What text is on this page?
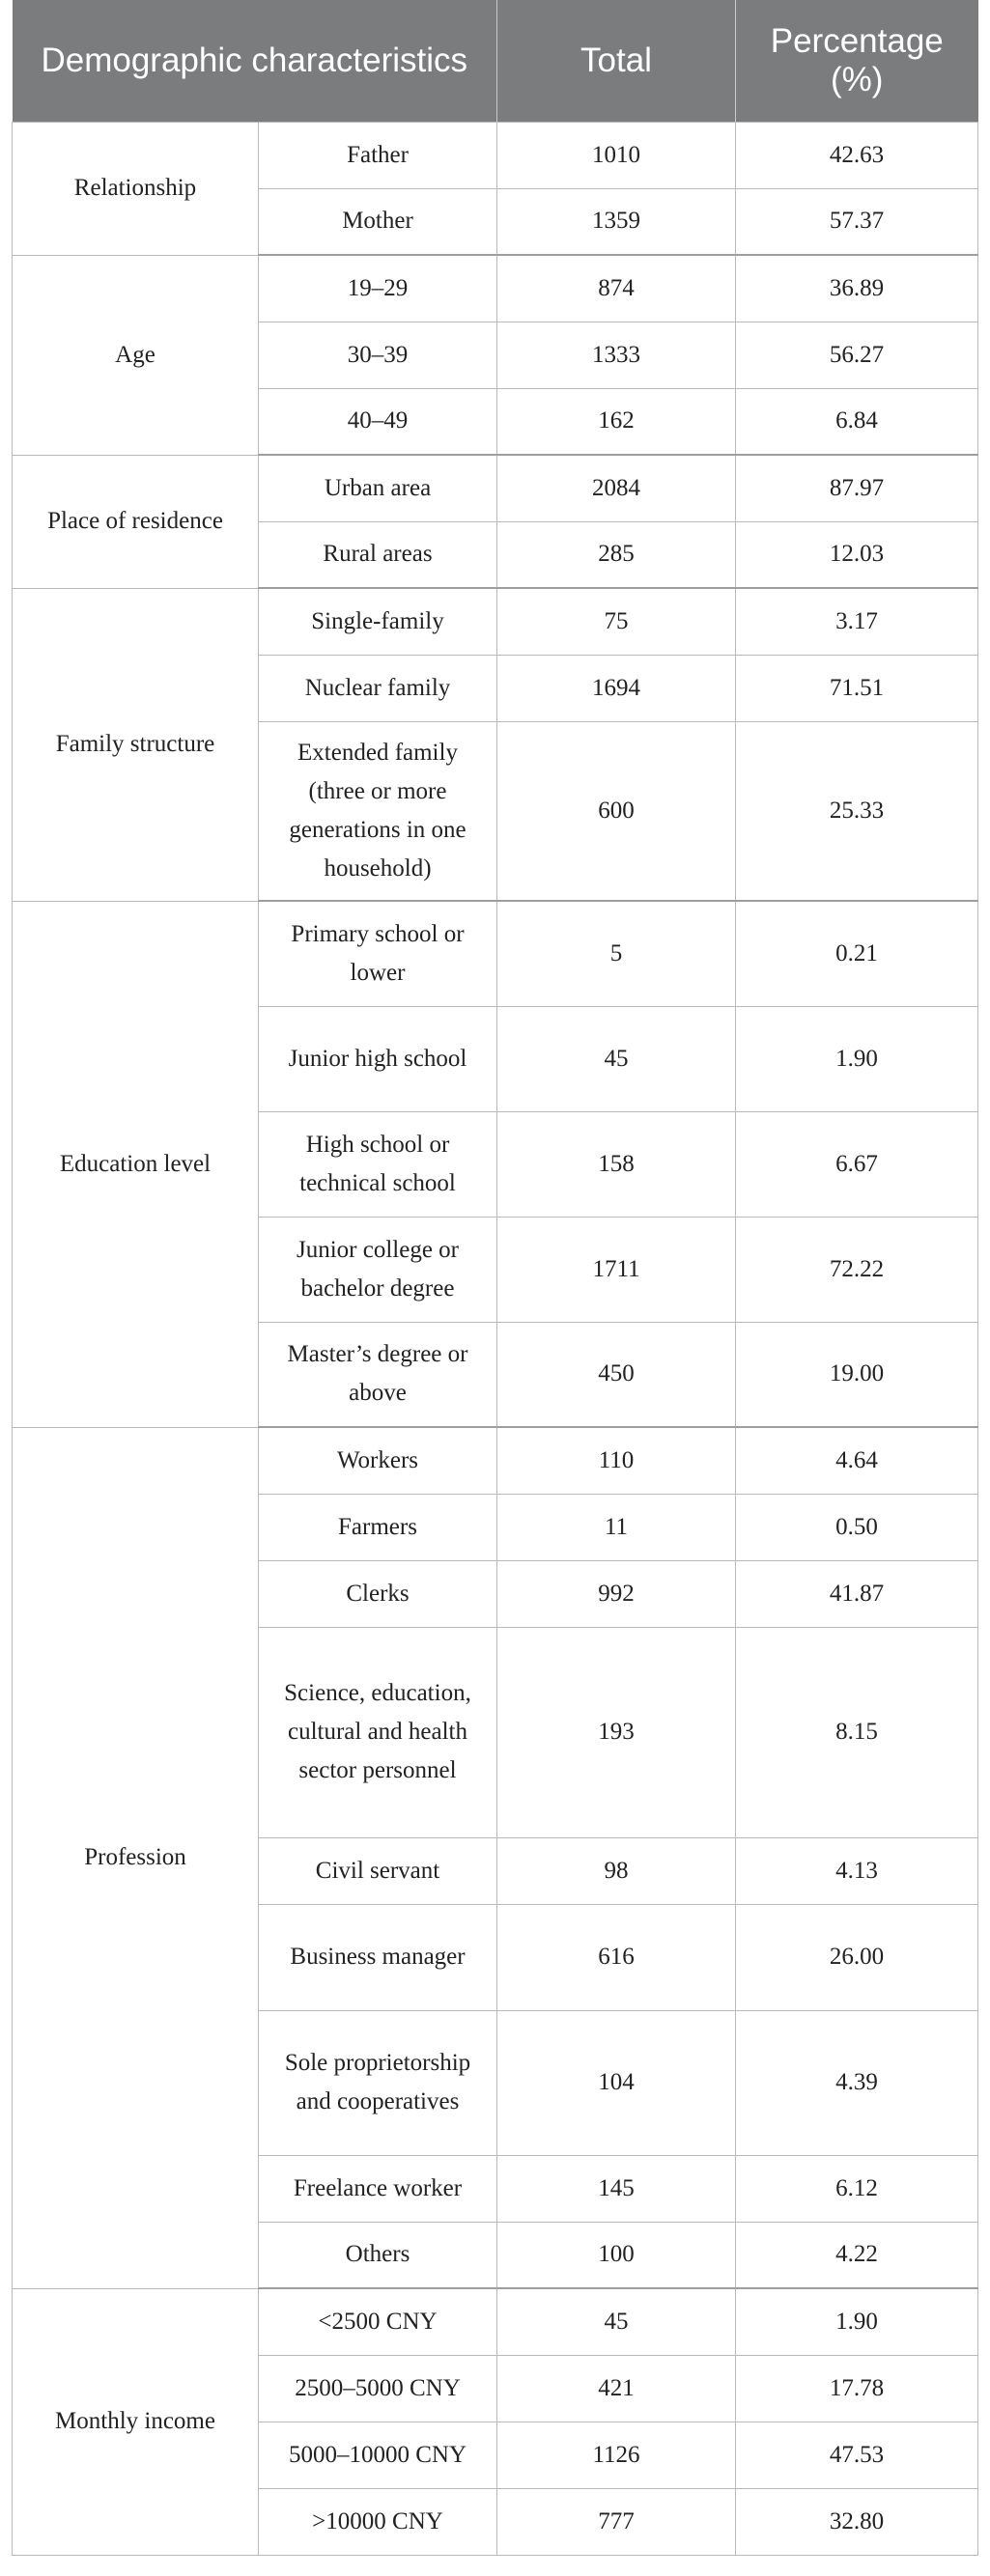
Demographic characteristics		Total	Percentage (%)
Relationship	Father	1010	42.63
	Mother	1359	57.37
Age	19–29	874	36.89
	30–39	1333	56.27
	40–49	162	6.84
Place of residence	Urban area	2084	87.97
	Rural areas	285	12.03
Family structure	Single-family	75	3.17
	Nuclear family	1694	71.51
	Extended family (three or more generations in one household)	600	25.33
Education level	Primary school or lower	5	0.21
	Junior high school	45	1.90
	High school or technical school	158	6.67
	Junior college or bachelor degree	1711	72.22
	Master’s degree or above	450	19.00
Profession	Workers	110	4.64
	Farmers	11	0.50
	Clerks	992	41.87
	Science, education, cultural and health sector personnel	193	8.15
	Civil servant	98	4.13
	Business manager	616	26.00
	Sole proprietorship and cooperatives	104	4.39
	Freelance worker	145	6.12
	Others	100	4.22
Monthly income	<2500 CNY	45	1.90
	2500–5000 CNY	421	17.78
	5000–10000 CNY	1126	47.53
	>10000 CNY	777	32.80
